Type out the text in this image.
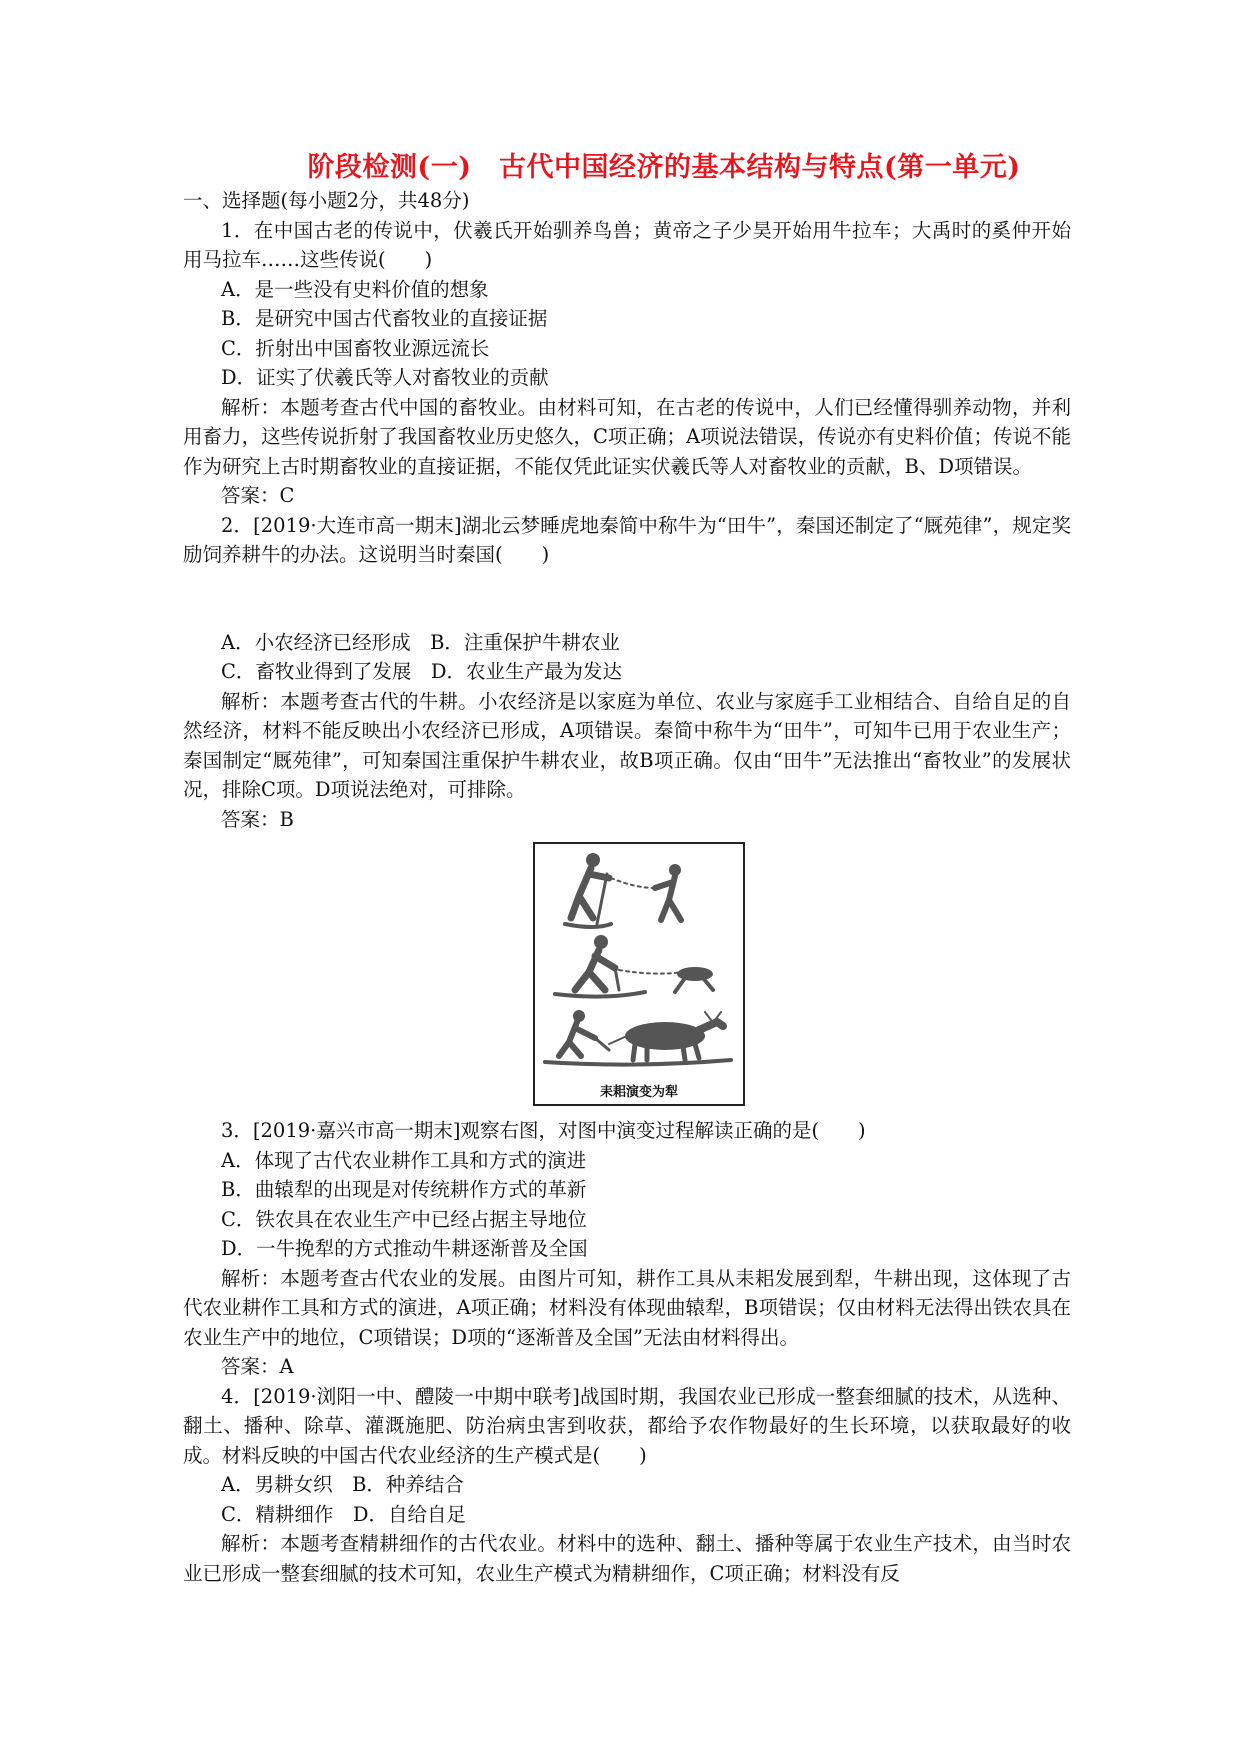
阶段检测(一)　古代中国经济的基本结构与特点(第一单元)

一、选择题(每小题2分，共48分)

1．在中国古老的传说中，伏羲氏开始驯养鸟兽；黄帝之子少昊开始用牛拉车；大禹时的奚仲开始用马拉车……这些传说(　　)

A．是一些没有史料价值的想象

B．是研究中国古代畜牧业的直接证据

C．折射出中国畜牧业源远流长

D．证实了伏羲氏等人对畜牧业的贡献

解析：本题考查古代中国的畜牧业。由材料可知，在古老的传说中，人们已经懂得驯养动物，并利用畜力，这些传说折射了我国畜牧业历史悠久，C项正确；A项说法错误，传说亦有史料价值；传说不能作为研究上古时期畜牧业的直接证据，不能仅凭此证实伏羲氏等人对畜牧业的贡献，B、D项错误。

答案：C

2．[2019·大连市高一期末]湖北云梦睡虎地秦简中称牛为“田牛”，秦国还制定了“厩苑律”，规定奖励饲养耕牛的办法。这说明当时秦国(　　)

A．小农经济已经形成　B．注重保护牛耕农业

C．畜牧业得到了发展　D．农业生产最为发达

解析：本题考查古代的牛耕。小农经济是以家庭为单位、农业与家庭手工业相结合、自给自足的自然经济，材料不能反映出小农经济已形成，A项错误。秦简中称牛为“田牛”，可知牛已用于农业生产；秦国制定“厩苑律”，可知秦国注重保护牛耕农业，故B项正确。仅由“田牛”无法推出“畜牧业”的发展状况，排除C项。D项说法绝对，可排除。

答案：B

耒耜演变为犁

3．[2019·嘉兴市高一期末]观察右图，对图中演变过程解读正确的是(　　)

A．体现了古代农业耕作工具和方式的演进

B．曲辕犁的出现是对传统耕作方式的革新

C．铁农具在农业生产中已经占据主导地位

D．一牛挽犁的方式推动牛耕逐渐普及全国

解析：本题考查古代农业的发展。由图片可知，耕作工具从耒耜发展到犁，牛耕出现，这体现了古代农业耕作工具和方式的演进，A项正确；材料没有体现曲辕犁，B项错误；仅由材料无法得出铁农具在农业生产中的地位，C项错误；D项的“逐渐普及全国”无法由材料得出。

答案：A

4．[2019·浏阳一中、醴陵一中期中联考]战国时期，我国农业已形成一整套细腻的技术，从选种、翻土、播种、除草、灌溉施肥、防治病虫害到收获，都给予农作物最好的生长环境，以获取最好的收成。材料反映的中国古代农业经济的生产模式是(　　)

A．男耕女织　B．种养结合

C．精耕细作　D．自给自足

解析：本题考查精耕细作的古代农业。材料中的选种、翻土、播种等属于农业生产技术，由当时农业已形成一整套细腻的技术可知，农业生产模式为精耕细作，C项正确；材料没有反
